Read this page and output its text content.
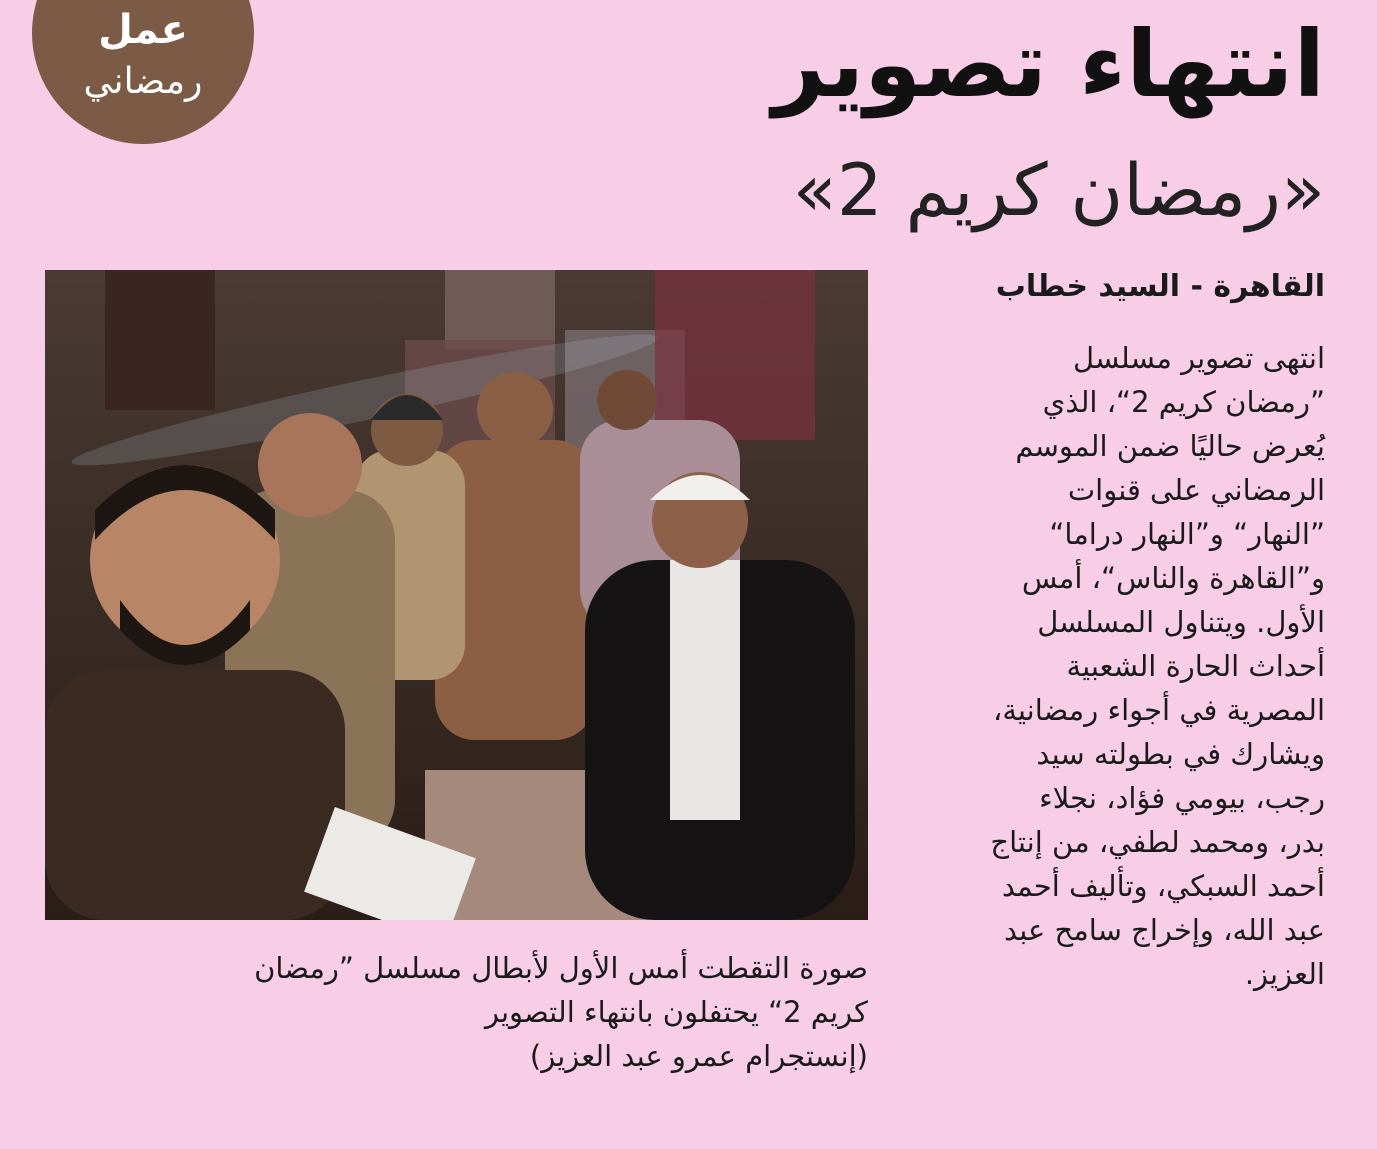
عمل
رمضاني	انتهاء تصوير
«رمضان كريم 2»
القاهرة - السيد خطاب
انتهى تصوير مسلسل
”رمضان كريم 2“، الذي
يُعرض حاليًا ضمن الموسم
الرمضاني على قنوات
”النهار“ و”النهار دراما“
و”القاهرة والناس“، أمس
الأول. ويتناول المسلسل
أحداث الحارة الشعبية
المصرية في أجواء رمضانية،
ويشارك في بطولته سيد
رجب، بيومي فؤاد، نجلاء
بدر، ومحمد لطفي، من إنتاج
أحمد السبكي، وتأليف أحمد
عبد الله، وإخراج سامح عبد
العزيز.
صورة التقطت أمس الأول لأبطال مسلسل ”رمضان
كريم 2“ يحتفلون بانتهاء التصوير
(إنستجرام عمرو عبد العزيز)
